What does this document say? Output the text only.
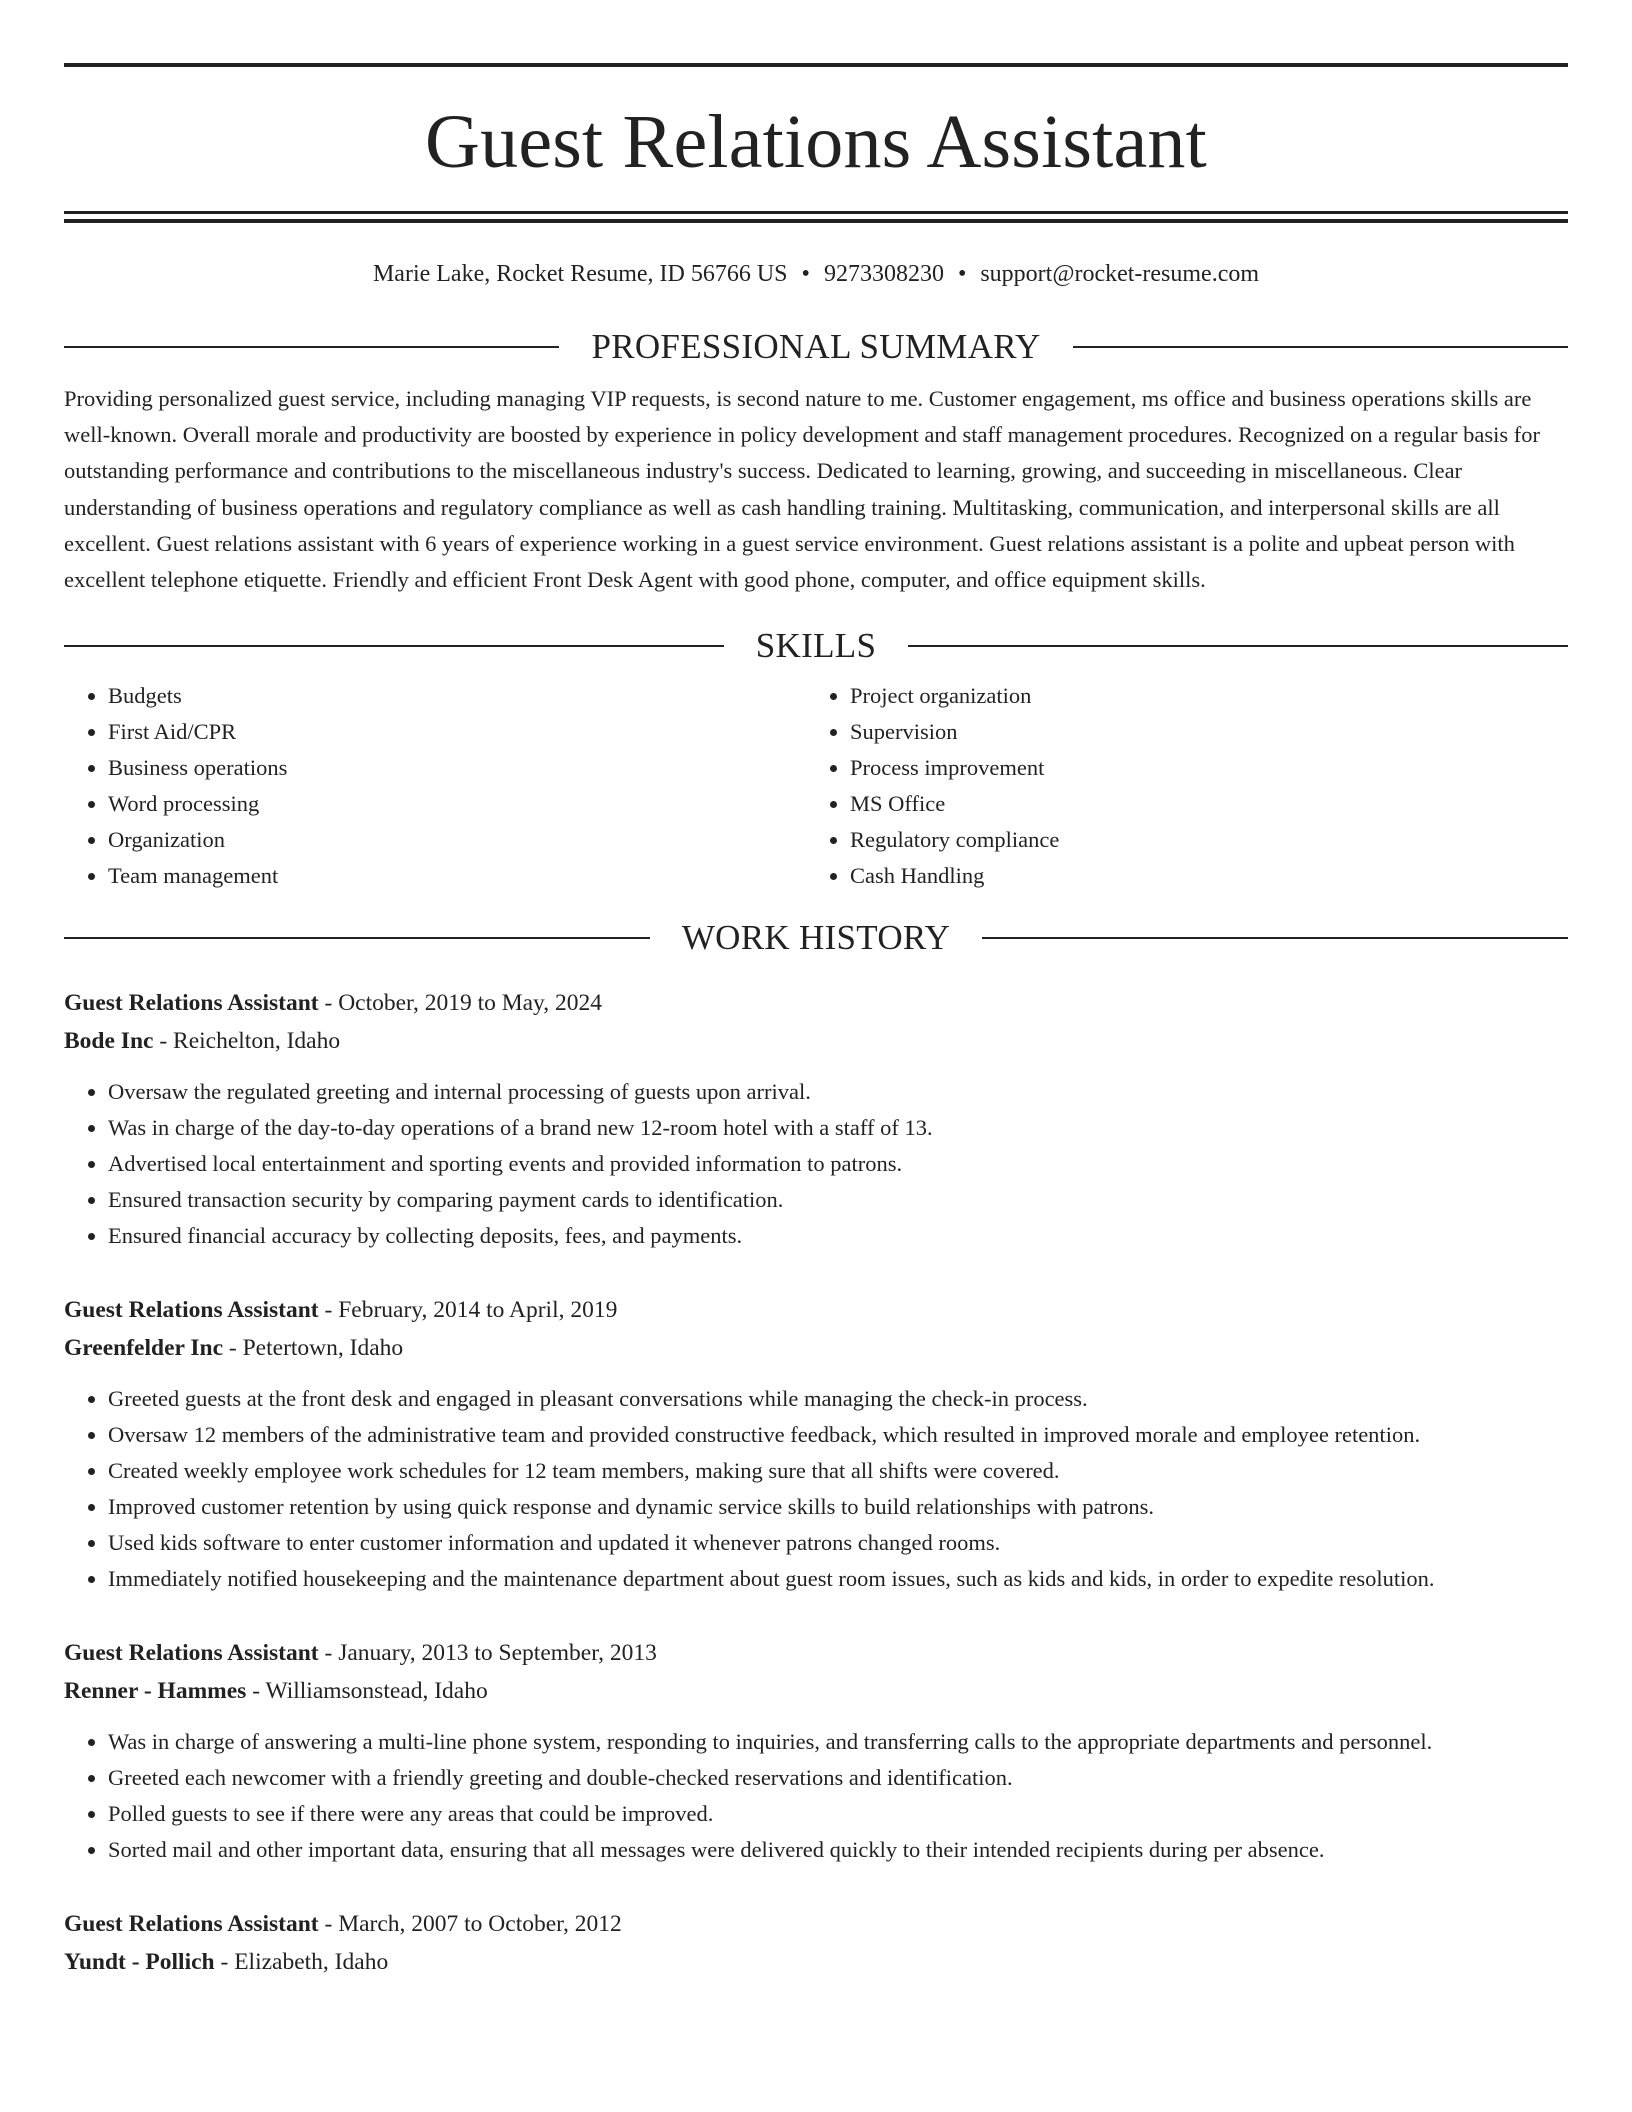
Guest Relations Assistant
Marie Lake, Rocket Resume, ID 56766 US • 9273308230 • support@rocket-resume.com
PROFESSIONAL SUMMARY
Providing personalized guest service, including managing VIP requests, is second nature to me. Customer engagement, ms office and business operations skills are well-known. Overall morale and productivity are boosted by experience in policy development and staff management procedures. Recognized on a regular basis for outstanding performance and contributions to the miscellaneous industry's success. Dedicated to learning, growing, and succeeding in miscellaneous. Clear understanding of business operations and regulatory compliance as well as cash handling training. Multitasking, communication, and interpersonal skills are all excellent. Guest relations assistant with 6 years of experience working in a guest service environment. Guest relations assistant is a polite and upbeat person with excellent telephone etiquette. Friendly and efficient Front Desk Agent with good phone, computer, and office equipment skills.
SKILLS
• Budgets
• First Aid/CPR
• Business operations
• Word processing
• Organization
• Team management
• Project organization
• Supervision
• Process improvement
• MS Office
• Regulatory compliance
• Cash Handling
WORK HISTORY
Guest Relations Assistant - October, 2019 to May, 2024
Bode Inc - Reichelton, Idaho
• Oversaw the regulated greeting and internal processing of guests upon arrival.
• Was in charge of the day-to-day operations of a brand new 12-room hotel with a staff of 13.
• Advertised local entertainment and sporting events and provided information to patrons.
• Ensured transaction security by comparing payment cards to identification.
• Ensured financial accuracy by collecting deposits, fees, and payments.
Guest Relations Assistant - February, 2014 to April, 2019
Greenfelder Inc - Petertown, Idaho
• Greeted guests at the front desk and engaged in pleasant conversations while managing the check-in process.
• Oversaw 12 members of the administrative team and provided constructive feedback, which resulted in improved morale and employee retention.
• Created weekly employee work schedules for 12 team members, making sure that all shifts were covered.
• Improved customer retention by using quick response and dynamic service skills to build relationships with patrons.
• Used kids software to enter customer information and updated it whenever patrons changed rooms.
• Immediately notified housekeeping and the maintenance department about guest room issues, such as kids and kids, in order to expedite resolution.
Guest Relations Assistant - January, 2013 to September, 2013
Renner - Hammes - Williamsonstead, Idaho
• Was in charge of answering a multi-line phone system, responding to inquiries, and transferring calls to the appropriate departments and personnel.
• Greeted each newcomer with a friendly greeting and double-checked reservations and identification.
• Polled guests to see if there were any areas that could be improved.
• Sorted mail and other important data, ensuring that all messages were delivered quickly to their intended recipients during per absence.
Guest Relations Assistant - March, 2007 to October, 2012
Yundt - Pollich - Elizabeth, Idaho
